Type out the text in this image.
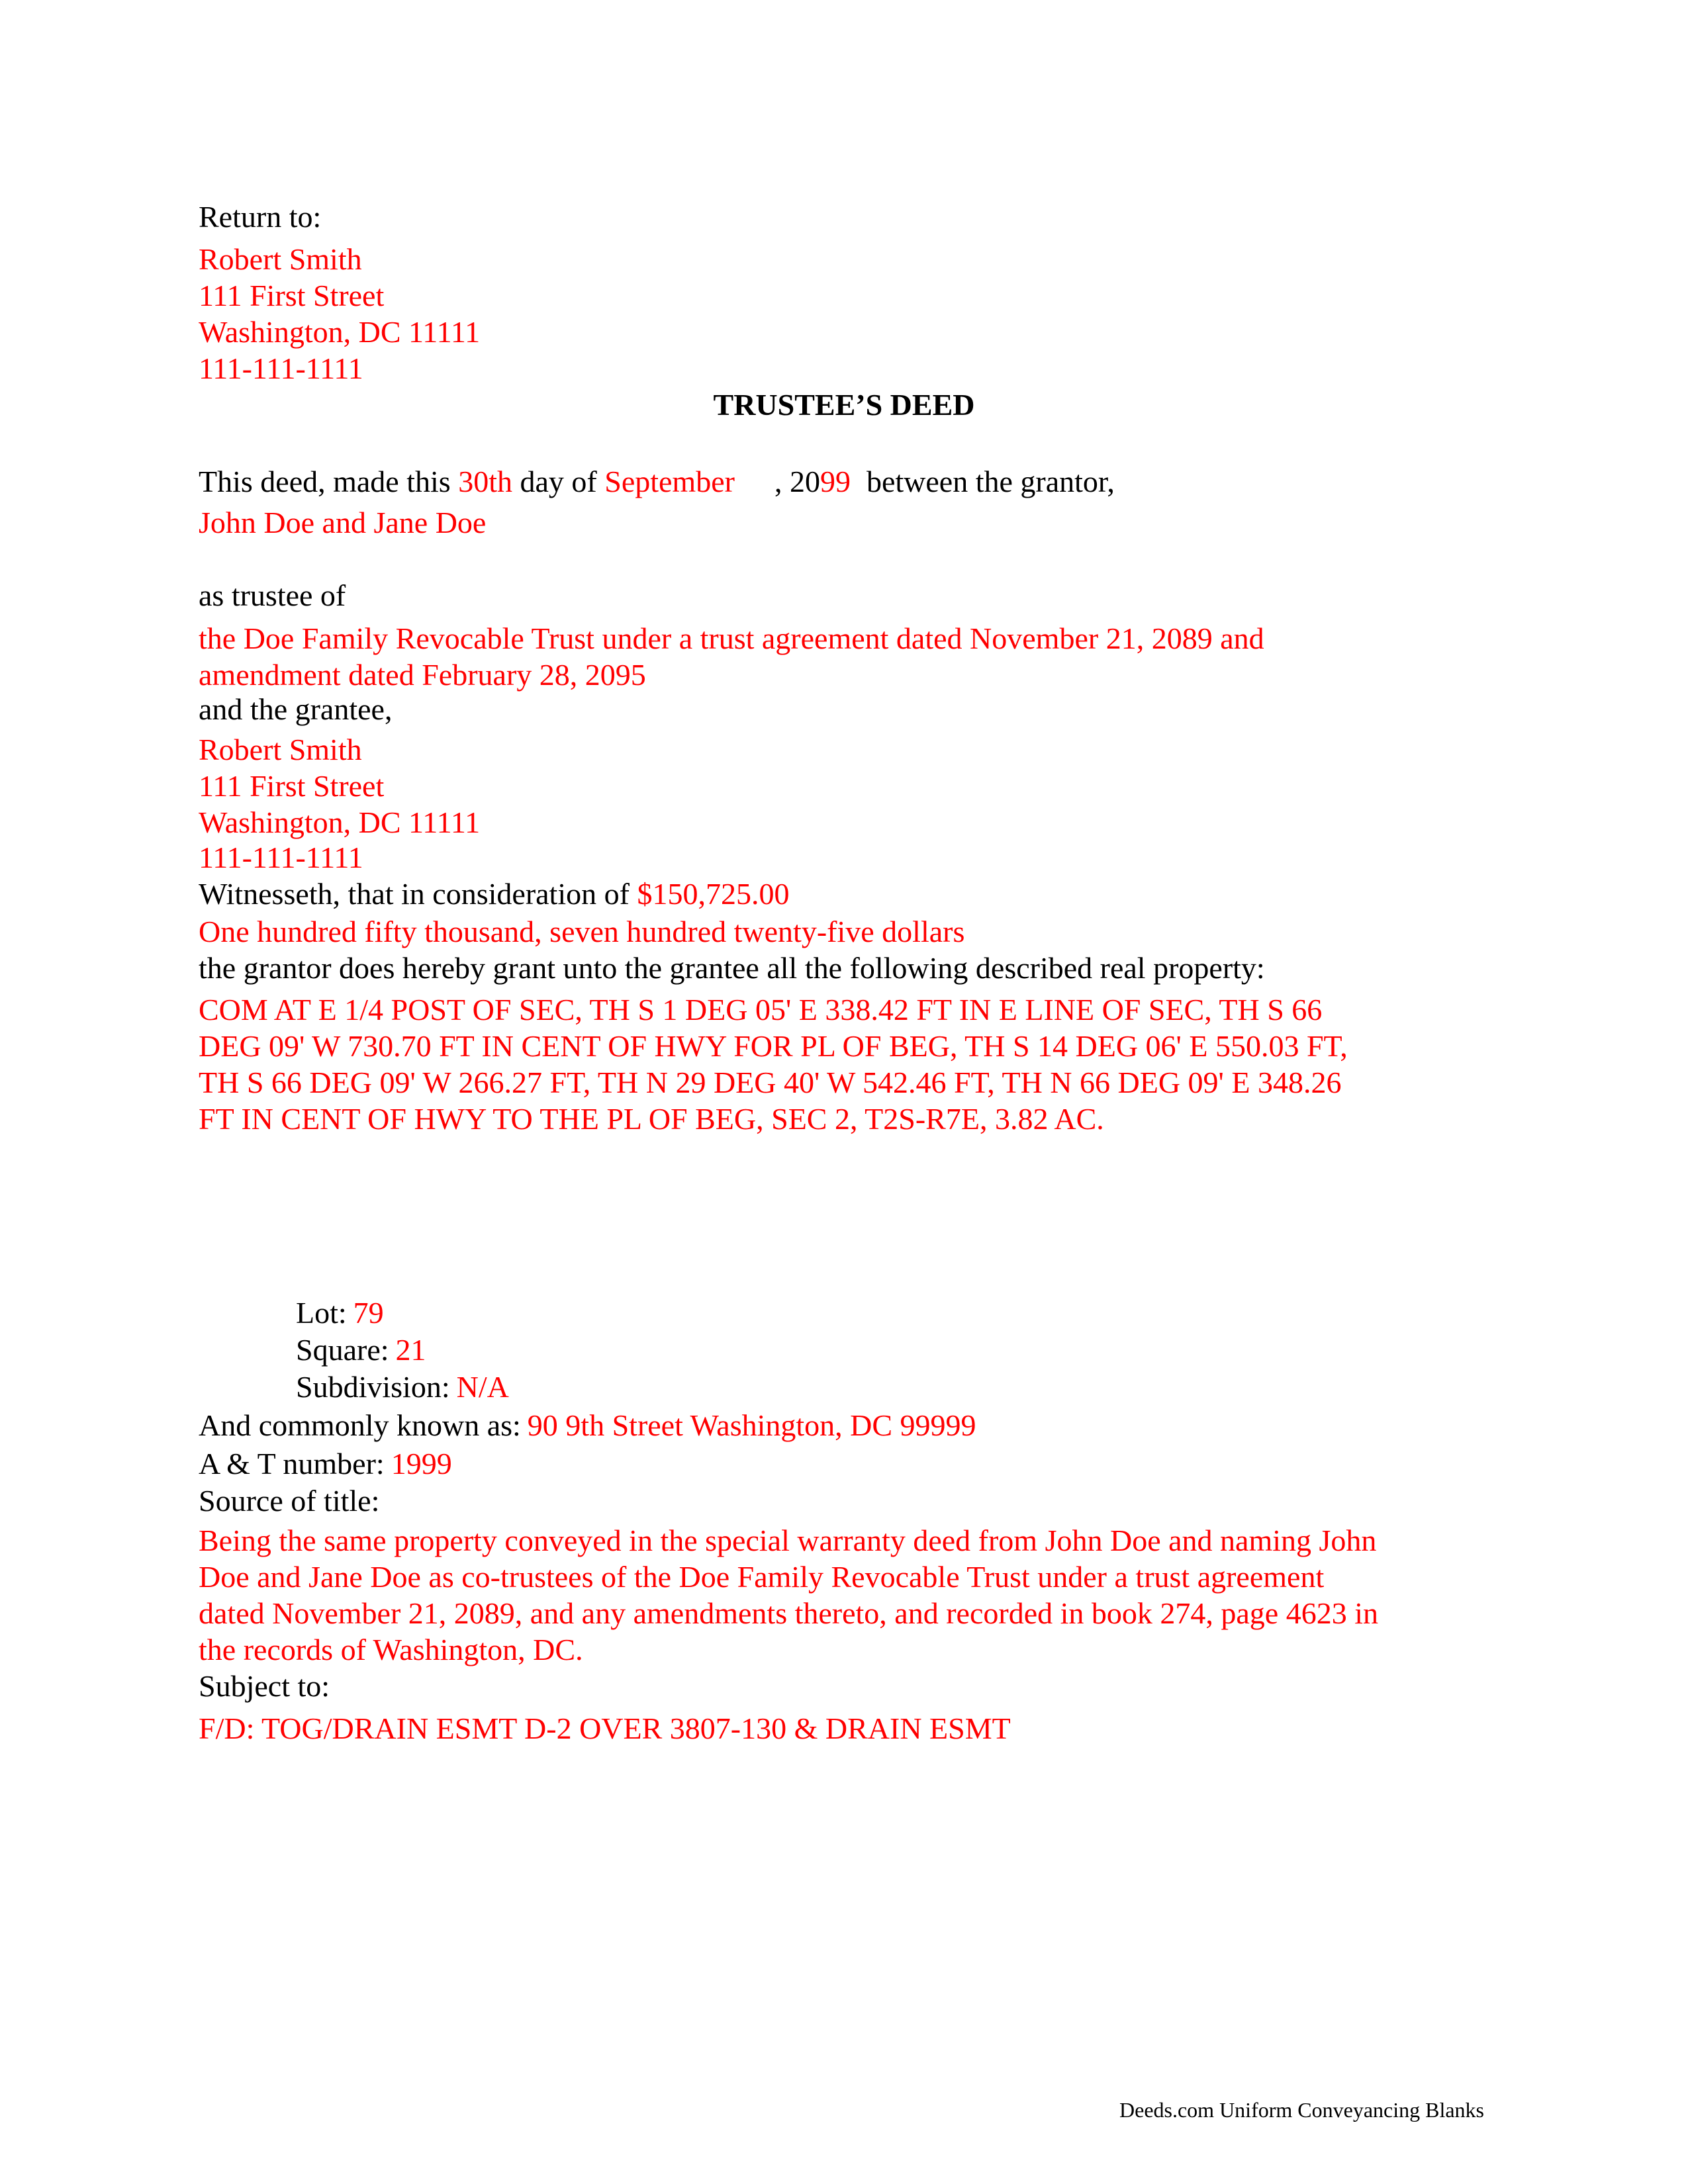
Return to:
Robert Smith
111 First Street
Washington, DC 11111
111-111-1111
TRUSTEE’S DEED
This deed, made this 30th day of September , 2099 between the grantor,
John Doe and Jane Doe
as trustee of
the Doe Family Revocable Trust under a trust agreement dated November 21, 2089 and
amendment dated February 28, 2095
and the grantee,
Robert Smith
111 First Street
Washington, DC 11111
111-111-1111
Witnesseth, that in consideration of $150,725.00
One hundred fifty thousand, seven hundred twenty-five dollars
the grantor does hereby grant unto the grantee all the following described real property:
COM AT E 1/4 POST OF SEC, TH S 1 DEG 05' E 338.42 FT IN E LINE OF SEC, TH S 66
DEG 09' W 730.70 FT IN CENT OF HWY FOR PL OF BEG, TH S 14 DEG 06' E 550.03 FT,
TH S 66 DEG 09' W 266.27 FT, TH N 29 DEG 40' W 542.46 FT, TH N 66 DEG 09' E 348.26
FT IN CENT OF HWY TO THE PL OF BEG, SEC 2, T2S-R7E, 3.82 AC.
Lot: 79
Square: 21
Subdivision: N/A
And commonly known as: 90 9th Street Washington, DC 99999
A & T number: 1999
Source of title:
Being the same property conveyed in the special warranty deed from John Doe and naming John
Doe and Jane Doe as co-trustees of the Doe Family Revocable Trust under a trust agreement
dated November 21, 2089, and any amendments thereto, and recorded in book 274, page 4623 in
the records of Washington, DC.
Subject to:
F/D: TOG/DRAIN ESMT D-2 OVER 3807-130 & DRAIN ESMT
Deeds.com Uniform Conveyancing Blanks
